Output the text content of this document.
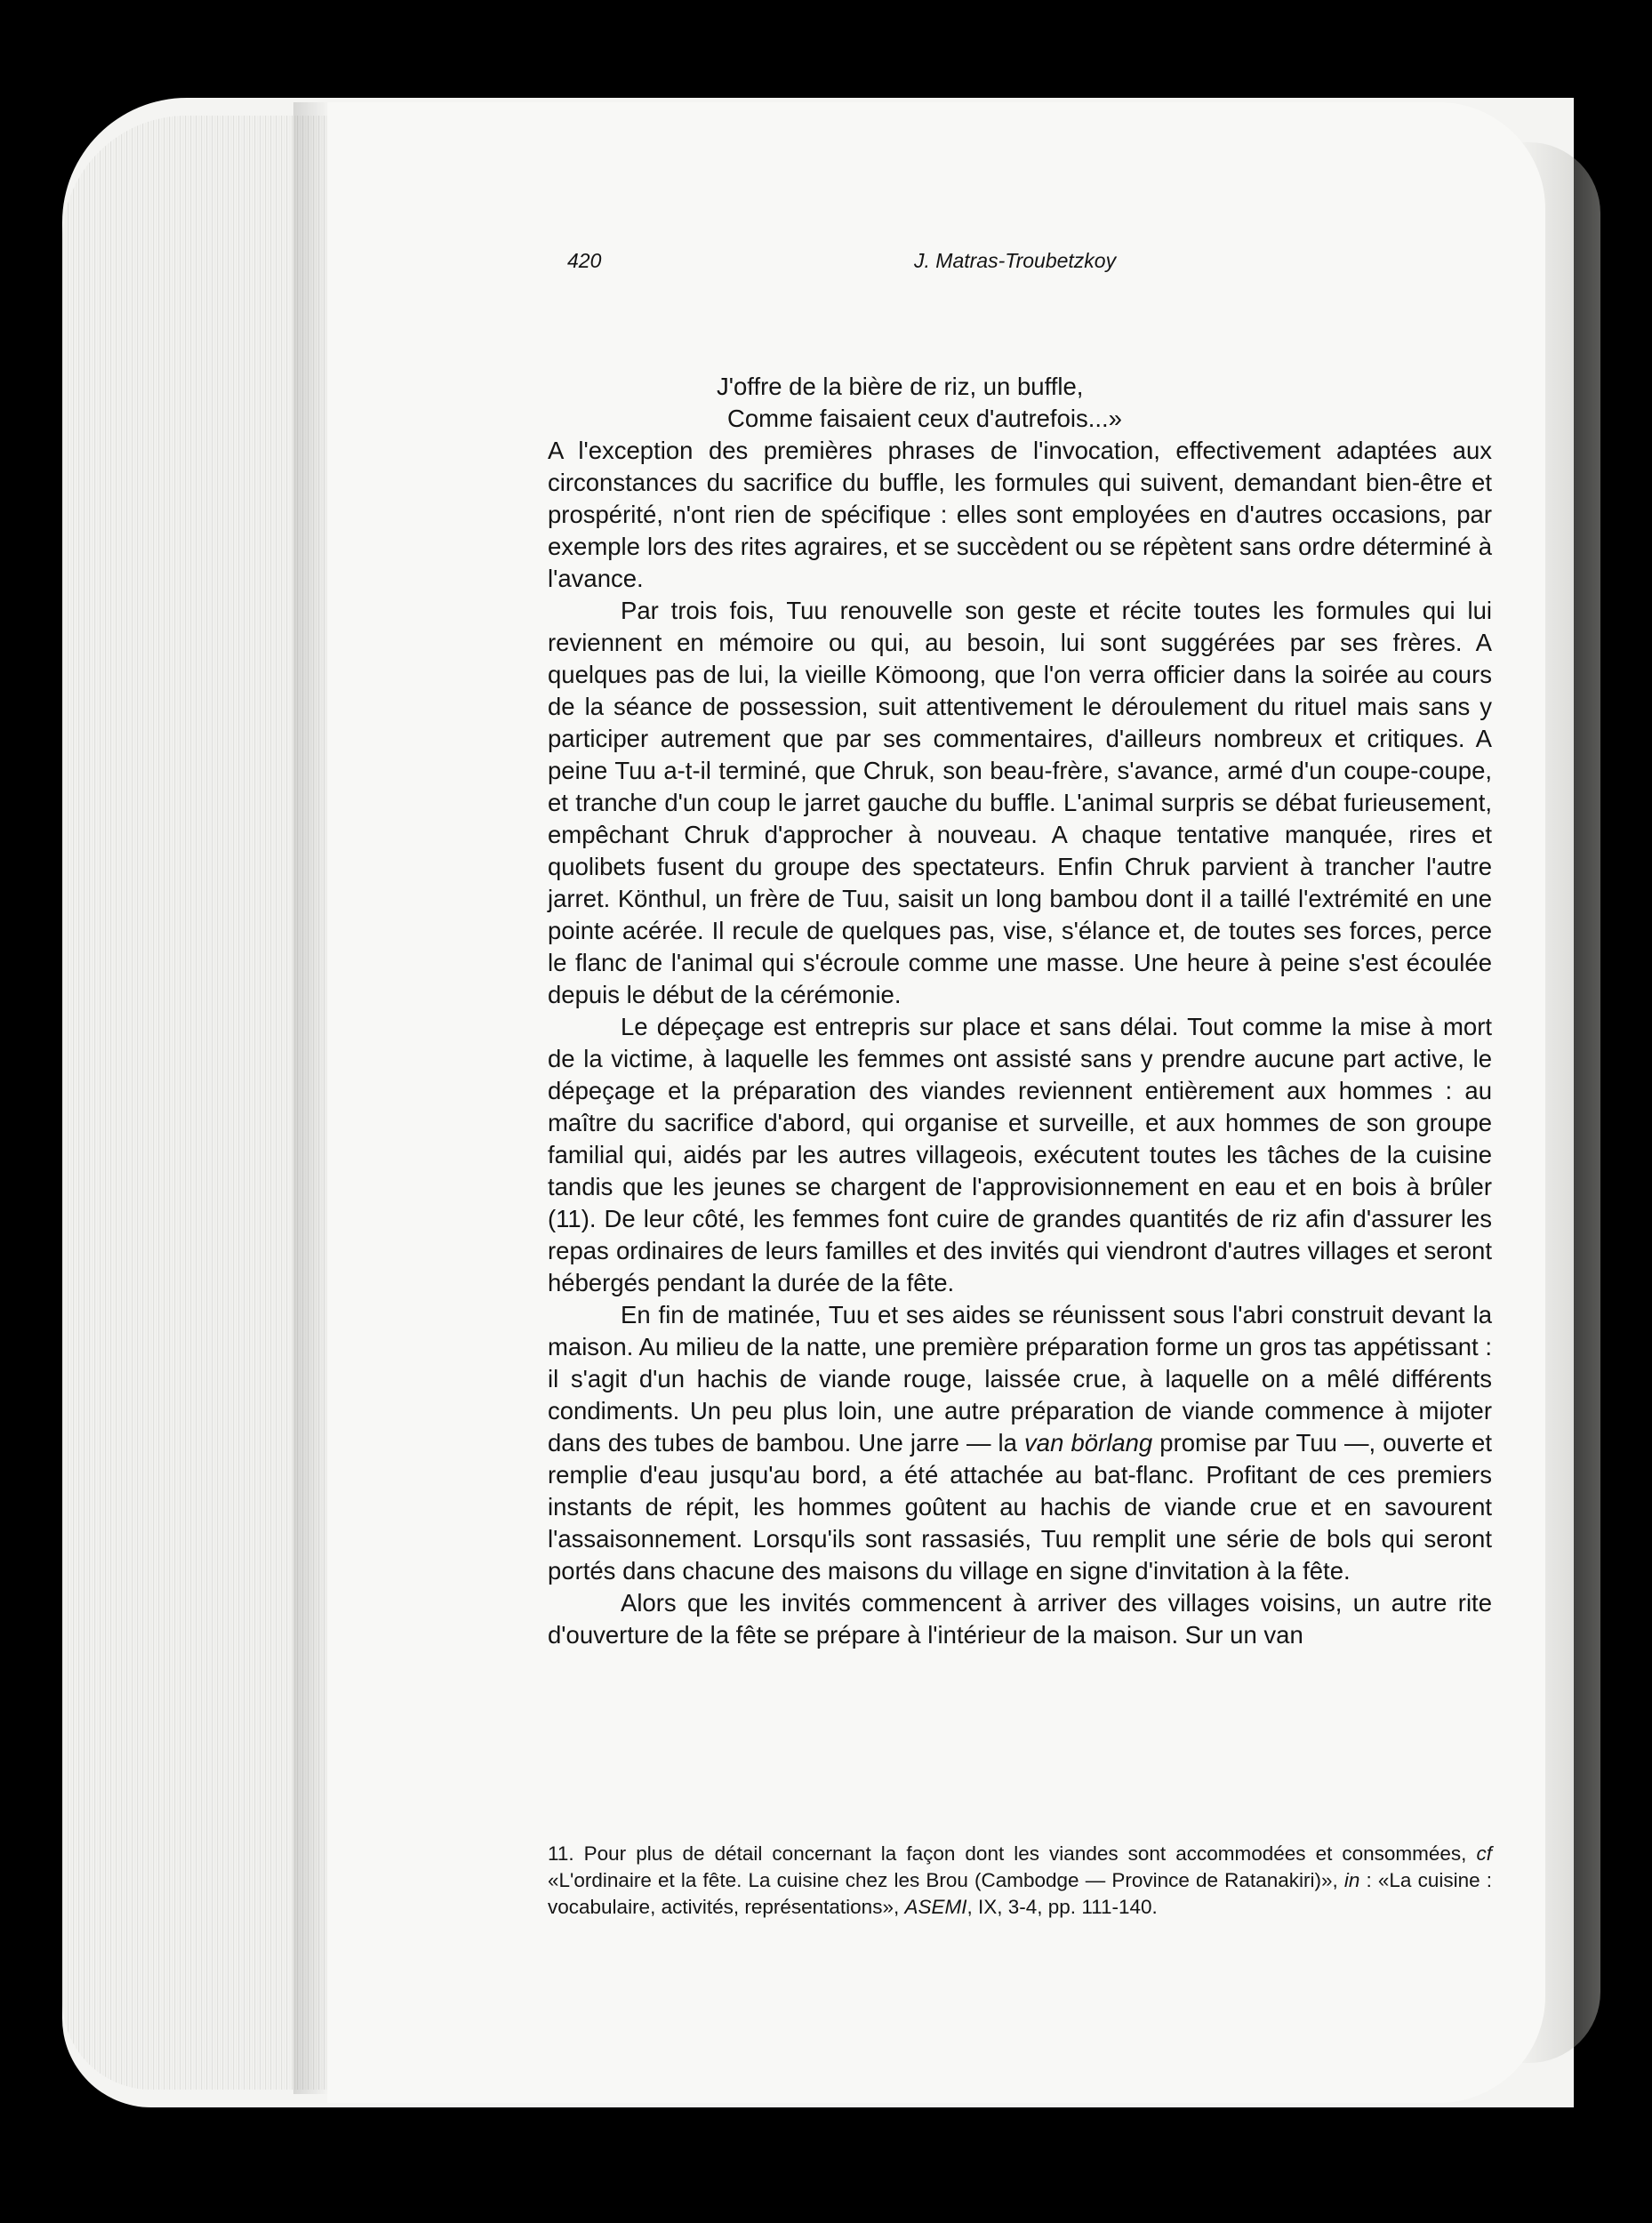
420	J. Matras-Troubetzkoy

J'offre de la bière de riz, un buffle,

Comme faisaient ceux d'autrefois...»

A l'exception des premières phrases de l'invocation, effectivement adaptées aux circonstances du sacrifice du buffle, les formules qui suivent, demandant bien-être et prospérité, n'ont rien de spécifique : elles sont employées en d'autres occasions, par exemple lors des rites agraires, et se succèdent ou se répètent sans ordre déterminé à l'avance.

Par trois fois, Tuu renouvelle son geste et récite toutes les formules qui lui reviennent en mémoire ou qui, au besoin, lui sont suggérées par ses frères. A quelques pas de lui, la vieille Kömoong, que l'on verra officier dans la soirée au cours de la séance de possession, suit attentivement le déroulement du rituel mais sans y participer autrement que par ses commentaires, d'ailleurs nombreux et critiques. A peine Tuu a-t-il terminé, que Chruk, son beau-frère, s'avance, armé d'un coupe-coupe, et tranche d'un coup le jarret gauche du buffle. L'animal surpris se débat furieusement, empêchant Chruk d'approcher à nouveau. A chaque tentative manquée, rires et quolibets fusent du groupe des spectateurs. Enfin Chruk parvient à trancher l'autre jarret. Könthul, un frère de Tuu, saisit un long bambou dont il a taillé l'extrémité en une pointe acérée. Il recule de quelques pas, vise, s'élance et, de toutes ses forces, perce le flanc de l'animal qui s'écroule comme une masse. Une heure à peine s'est écoulée depuis le début de la cérémonie.

Le dépeçage est entrepris sur place et sans délai. Tout comme la mise à mort de la victime, à laquelle les femmes ont assisté sans y prendre aucune part active, le dépeçage et la préparation des viandes reviennent entièrement aux hommes : au maître du sacrifice d'abord, qui organise et surveille, et aux hommes de son groupe familial qui, aidés par les autres villageois, exécutent toutes les tâches de la cuisine tandis que les jeunes se chargent de l'approvisionnement en eau et en bois à brûler (11). De leur côté, les femmes font cuire de grandes quantités de riz afin d'assurer les repas ordinaires de leurs familles et des invités qui viendront d'autres villages et seront hébergés pendant la durée de la fête.

En fin de matinée, Tuu et ses aides se réunissent sous l'abri construit devant la maison. Au milieu de la natte, une première préparation forme un gros tas appétissant : il s'agit d'un hachis de viande rouge, laissée crue, à laquelle on a mêlé différents condiments. Un peu plus loin, une autre préparation de viande commence à mijoter dans des tubes de bambou. Une jarre — la van börlang promise par Tuu —, ouverte et remplie d'eau jusqu'au bord, a été attachée au bat-flanc. Profitant de ces premiers instants de répit, les hommes goûtent au hachis de viande crue et en savourent l'assaisonnement. Lorsqu'ils sont rassasiés, Tuu remplit une série de bols qui seront portés dans chacune des maisons du village en signe d'invitation à la fête.

Alors que les invités commencent à arriver des villages voisins, un autre rite d'ouverture de la fête se prépare à l'intérieur de la maison. Sur un van

11. Pour plus de détail concernant la façon dont les viandes sont accommodées et consommées, cf «L'ordinaire et la fête. La cuisine chez les Brou (Cambodge — Province de Ratanakiri)», in : «La cuisine : vocabulaire, activités, représentations», ASEMI, IX, 3-4, pp. 111-140.
